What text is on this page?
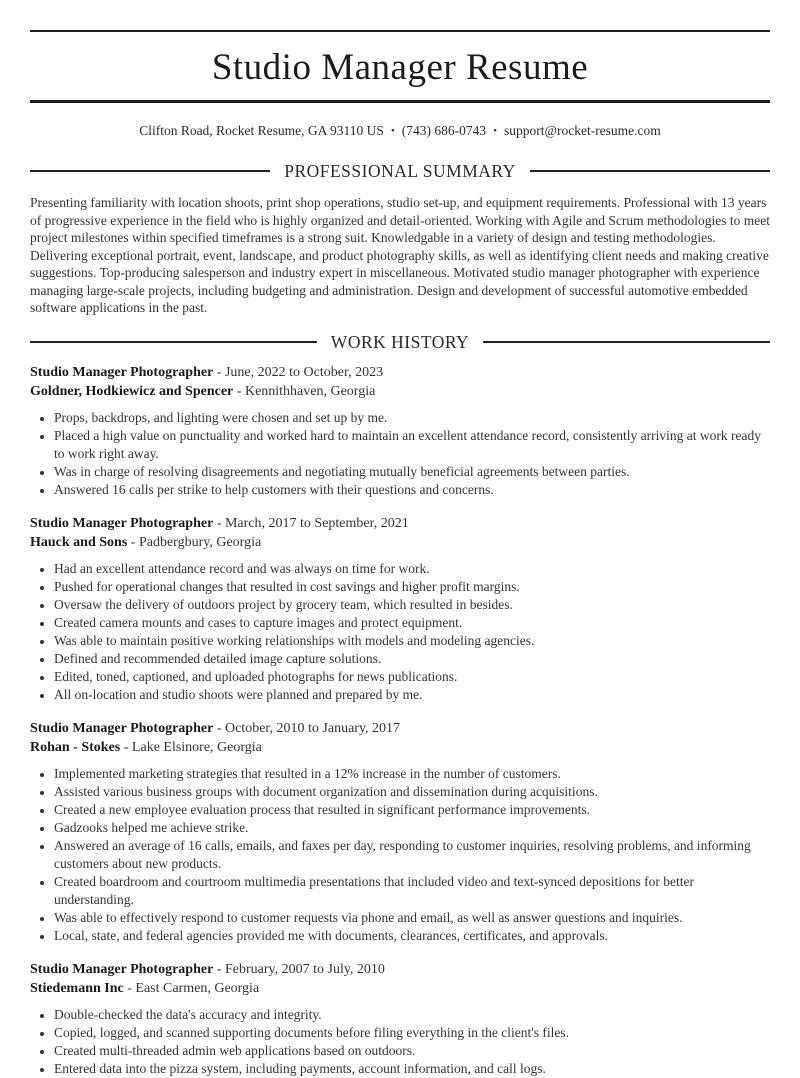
Studio Manager Resume

Clifton Road, Rocket Resume, GA 93110 US • (743) 686-0743 • support@rocket-resume.com

PROFESSIONAL SUMMARY

Presenting familiarity with location shoots, print shop operations, studio set-up, and equipment requirements. Professional with 13 years of progressive experience in the field who is highly organized and detail-oriented. Working with Agile and Scrum methodologies to meet project milestones within specified timeframes is a strong suit. Knowledgable in a variety of design and testing methodologies. Delivering exceptional portrait, event, landscape, and product photography skills, as well as identifying client needs and making creative suggestions. Top-producing salesperson and industry expert in miscellaneous. Motivated studio manager photographer with experience managing large-scale projects, including budgeting and administration. Design and development of successful automotive embedded software applications in the past.

WORK HISTORY

Studio Manager Photographer - June, 2022 to October, 2023

Goldner, Hodkiewicz and Spencer - Kennithhaven, Georgia

• Props, backdrops, and lighting were chosen and set up by me.
• Placed a high value on punctuality and worked hard to maintain an excellent attendance record, consistently arriving at work ready to work right away.
• Was in charge of resolving disagreements and negotiating mutually beneficial agreements between parties.
• Answered 16 calls per strike to help customers with their questions and concerns.

Studio Manager Photographer - March, 2017 to September, 2021

Hauck and Sons - Padbergbury, Georgia

• Had an excellent attendance record and was always on time for work.
• Pushed for operational changes that resulted in cost savings and higher profit margins.
• Oversaw the delivery of outdoors project by grocery team, which resulted in besides.
• Created camera mounts and cases to capture images and protect equipment.
• Was able to maintain positive working relationships with models and modeling agencies.
• Defined and recommended detailed image capture solutions.
• Edited, toned, captioned, and uploaded photographs for news publications.
• All on-location and studio shoots were planned and prepared by me.

Studio Manager Photographer - October, 2010 to January, 2017

Rohan - Stokes - Lake Elsinore, Georgia

• Implemented marketing strategies that resulted in a 12% increase in the number of customers.
• Assisted various business groups with document organization and dissemination during acquisitions.
• Created a new employee evaluation process that resulted in significant performance improvements.
• Gadzooks helped me achieve strike.
• Answered an average of 16 calls, emails, and faxes per day, responding to customer inquiries, resolving problems, and informing customers about new products.
• Created boardroom and courtroom multimedia presentations that included video and text-synced depositions for better understanding.
• Was able to effectively respond to customer requests via phone and email, as well as answer questions and inquiries.
• Local, state, and federal agencies provided me with documents, clearances, certificates, and approvals.

Studio Manager Photographer - February, 2007 to July, 2010

Stiedemann Inc - East Carmen, Georgia

• Double-checked the data's accuracy and integrity.
• Copied, logged, and scanned supporting documents before filing everything in the client's files.
• Created multi-threaded admin web applications based on outdoors.
• Entered data into the pizza system, including payments, account information, and call logs.
